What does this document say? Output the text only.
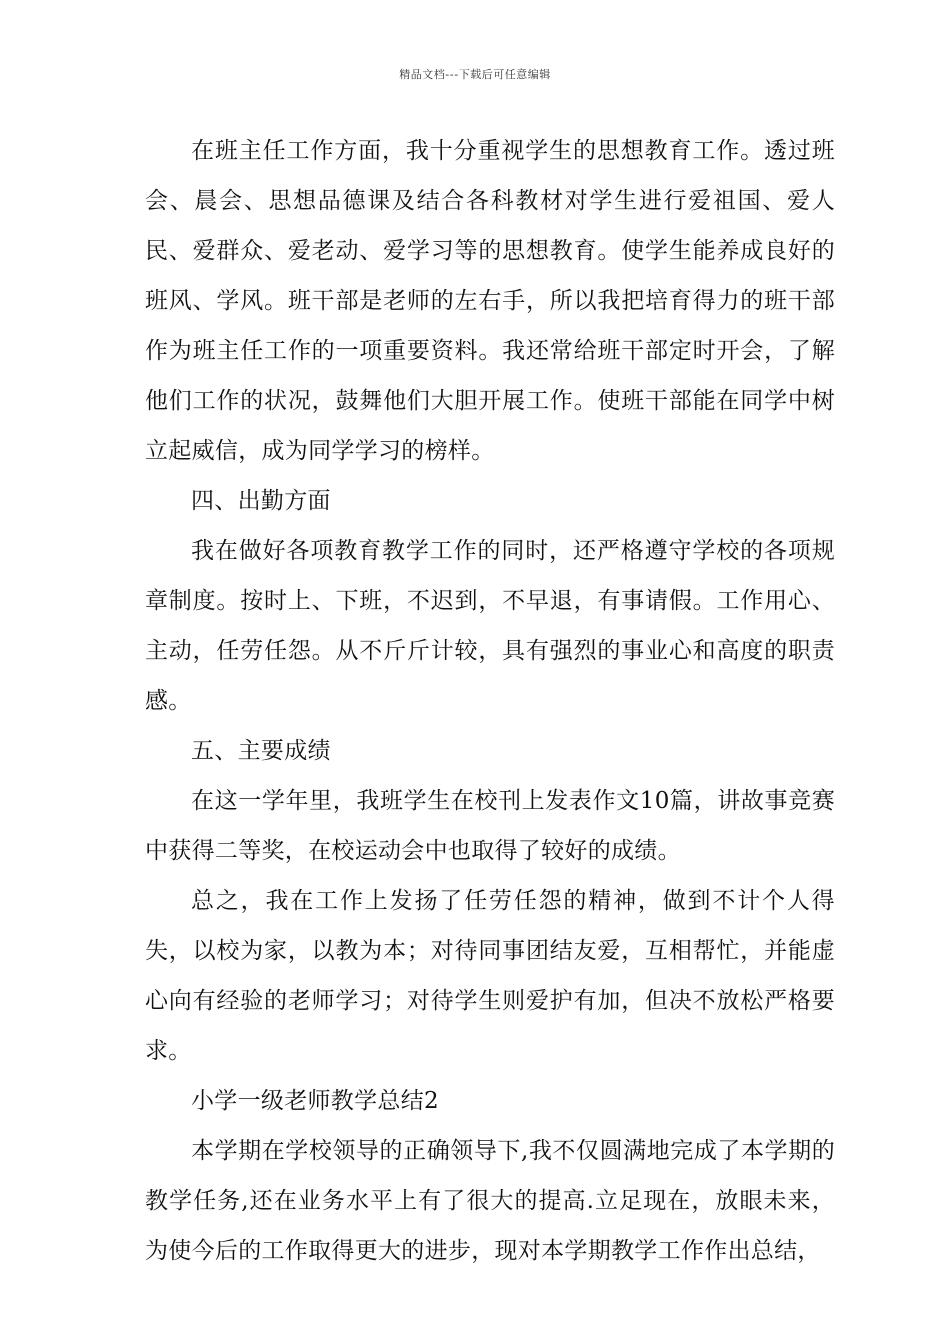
精品文档---下载后可任意编辑

在班主任工作方面，我十分重视学生的思想教育工作。透过班会、晨会、思想品德课及结合各科教材对学生进行爱祖国、爱人民、爱群众、爱老动、爱学习等的思想教育。使学生能养成良好的班风、学风。班干部是老师的左右手，所以我把培育得力的班干部作为班主任工作的一项重要资料。我还常给班干部定时开会，了解他们工作的状况，鼓舞他们大胆开展工作。使班干部能在同学中树立起威信，成为同学学习的榜样。

四、出勤方面

我在做好各项教育教学工作的同时，还严格遵守学校的各项规章制度。按时上、下班，不迟到，不早退，有事请假。工作用心、主动，任劳任怨。从不斤斤计较，具有强烈的事业心和高度的职责感。

五、主要成绩

在这一学年里，我班学生在校刊上发表作文10篇，讲故事竞赛中获得二等奖，在校运动会中也取得了较好的成绩。

总之，我在工作上发扬了任劳任怨的精神，做到不计个人得失，以校为家，以教为本；对待同事团结友爱，互相帮忙，并能虚心向有经验的老师学习；对待学生则爱护有加，但决不放松严格要求。

小学一级老师教学总结2

本学期在学校领导的正确领导下,我不仅圆满地完成了本学期的教学任务,还在业务水平上有了很大的提高.立足现在，放眼未来，为使今后的工作取得更大的进步，现对本学期教学工作作出总结，
